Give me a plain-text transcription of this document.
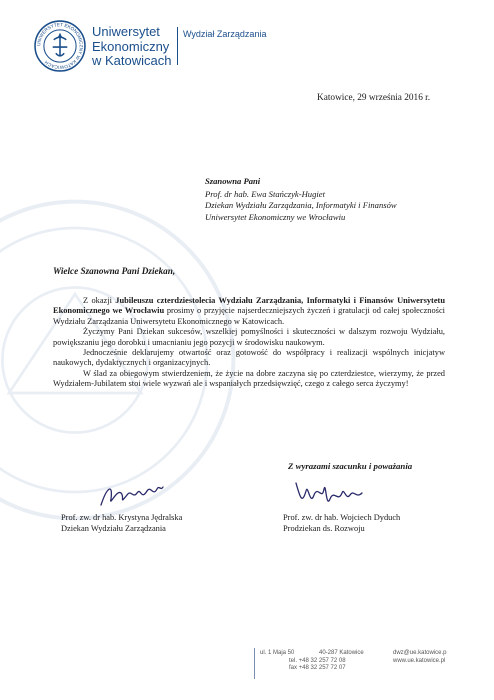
UNIWERSYTET EKONOMICZNY W KATOWICACH
Uniwersytet
Ekonomiczny
w Katowicach
Wydział Zarządzania
Katowice, 29 września 2016 r.
Szanowna Pani
Prof. dr hab. Ewa Stańczyk-Hugiet
Dziekan Wydziału Zarządzania, Informatyki i Finansów
Uniwersytet Ekonomiczny we Wrocławiu
Wielce Szanowna Pani Dziekan,

Z okazji Jubileuszu czterdziestolecia Wydziału Zarządzania, Informatyki i Finansów Uniwersytetu Ekonomicznego we Wrocławiu prosimy o przyjęcie najserdeczniejszych życzeń i gratulacji od całej społeczności Wydziału Zarządzania Uniwersytetu Ekonomicznego w Katowicach.

Życzymy Pani Dziekan sukcesów, wszelkiej pomyślności i skuteczności w dalszym rozwoju Wydziału, powiększaniu jego dorobku i umacnianiu jego pozycji w środowisku naukowym.

Jednocześnie deklarujemy otwartość oraz gotowość do współpracy i realizacji wspólnych inicjatyw naukowych, dydaktycznych i organizacyjnych.

W ślad za obiegowym stwierdzeniem, że życie na dobre zaczyna się po czterdziestce, wierzymy, że przed Wydziałem-Jubilatem stoi wiele wyzwań ale i wspaniałych przedsięwzięć, czego z całego serca życzymy!

Z wyrazami szacunku i poważania
Prof. zw. dr hab. Krystyna Jędralska
Dziekan Wydziału Zarządzania
Prof. zw. dr hab. Wojciech Dyduch
Prodziekan ds. Rozwoju
ul. 1 Maja 50	40-287 Katowice
tel. +48 32 257 72 08
fax +48 32 257 72 07
dwz@ue.katowice.p
www.ue.katowice.pl
